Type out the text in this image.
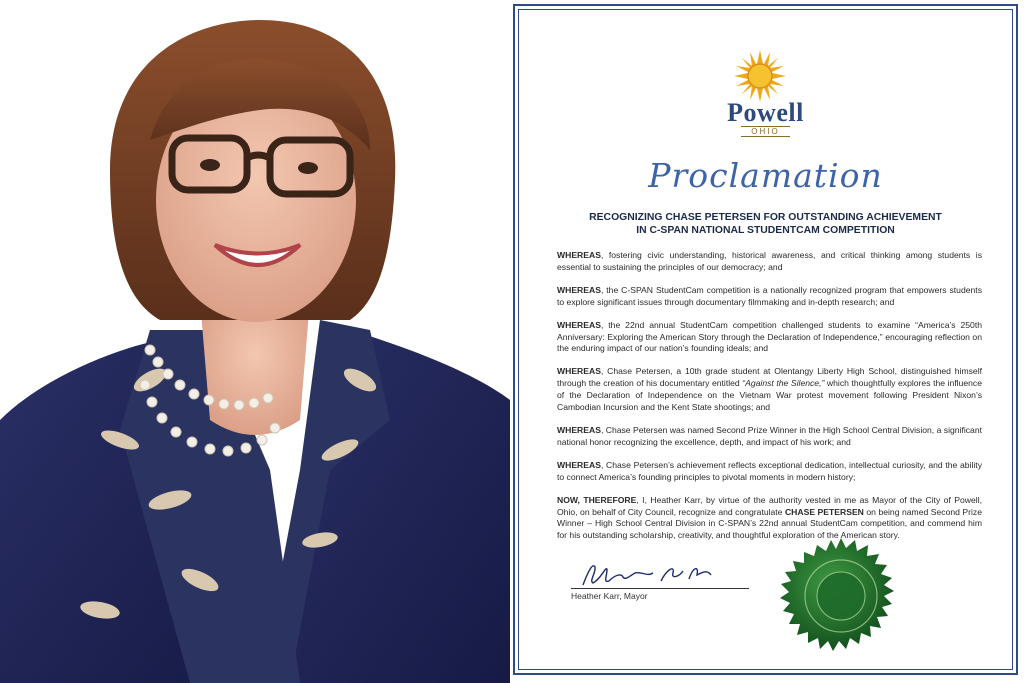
Powell
OHIO
Proclamation
RECOGNIZING CHASE PETERSEN FOR OUTSTANDING ACHIEVEMENT
IN C-SPAN NATIONAL STUDENTCAM COMPETITION

WHEREAS, fostering civic understanding, historical awareness, and critical thinking among students is essential to sustaining the principles of our democracy; and

WHEREAS, the C-SPAN StudentCam competition is a nationally recognized program that empowers students to explore significant issues through documentary filmmaking and in-depth research; and

WHEREAS, the 22nd annual StudentCam competition challenged students to examine “America’s 250th Anniversary: Exploring the American Story through the Declaration of Independence,” encouraging reflection on the enduring impact of our nation’s founding ideals; and

WHEREAS, Chase Petersen, a 10th grade student at Olentangy Liberty High School, distinguished himself through the creation of his documentary entitled “Against the Silence,” which thoughtfully explores the influence of the Declaration of Independence on the Vietnam War protest movement following President Nixon’s Cambodian Incursion and the Kent State shootings; and

WHEREAS, Chase Petersen was named Second Prize Winner in the High School Central Division, a significant national honor recognizing the excellence, depth, and impact of his work; and

WHEREAS, Chase Petersen’s achievement reflects exceptional dedication, intellectual curiosity, and the ability to connect America’s founding principles to pivotal moments in modern history;

NOW, THEREFORE, I, Heather Karr, by virtue of the authority vested in me as Mayor of the City of Powell, Ohio, on behalf of City Council, recognize and congratulate CHASE PETERSEN on being named Second Prize Winner – High School Central Division in C-SPAN’s 22nd annual StudentCam competition, and commend him for his outstanding scholarship, creativity, and thoughtful exploration of the American story.

Heather Karr, Mayor
